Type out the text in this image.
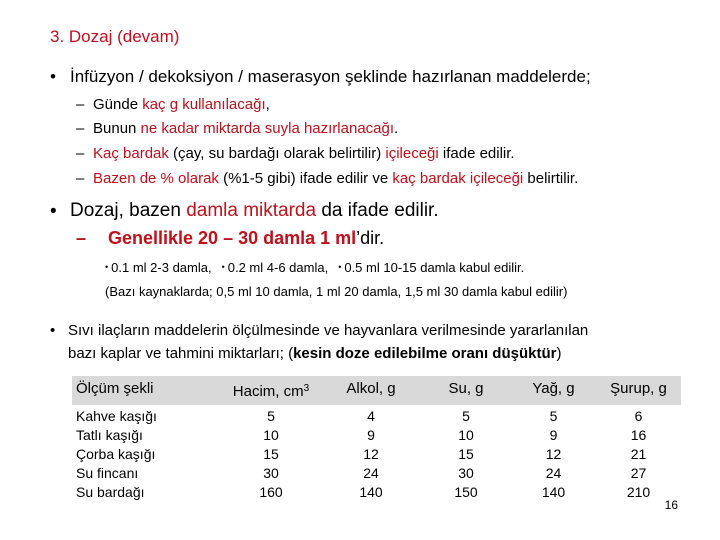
3. Dozaj (devam)
• İnfüzyon / dekoksiyon / maserasyon şeklinde hazırlanan maddelerde;
– Günde kaç g kullanılacağı,
– Bunun ne kadar miktarda suyla hazırlanacağı.
– Kaç bardak (çay, su bardağı olarak belirtilir) içileceği ifade edilir.
– Bazen de % olarak (%1-5 gibi) ifade edilir ve kaç bardak içileceği belirtilir.
• Dozaj, bazen damla miktarda da ifade edilir.
– Genellikle 20 – 30 damla 1 ml’dir.
• 0.1 ml 2-3 damla, • 0.2 ml 4-6 damla, • 0.5 ml 10-15 damla kabul edilir.
(Bazı kaynaklarda; 0,5 ml 10 damla, 1 ml 20 damla, 1,5 ml 30 damla kabul edilir)
• Sıvı ilaçların maddelerin ölçülmesinde ve hayvanlara verilmesinde yararlanılan
bazı kaplar ve tahmini miktarları; (kesin doze edilebilme oranı düşüktür)
Ölçüm şekli	Hacim, $cm^3$	Alkol, g	Su, g	Yağ, g	Şurup, g
Kahve kaşığı	5	4	5	5	6
Tatlı kaşığı	10	9	10	9	16
Çorba kaşığı	15	12	15	12	21
Su fincanı	30	24	30	24	27
Su bardağı	160	140	150	140	210
16
